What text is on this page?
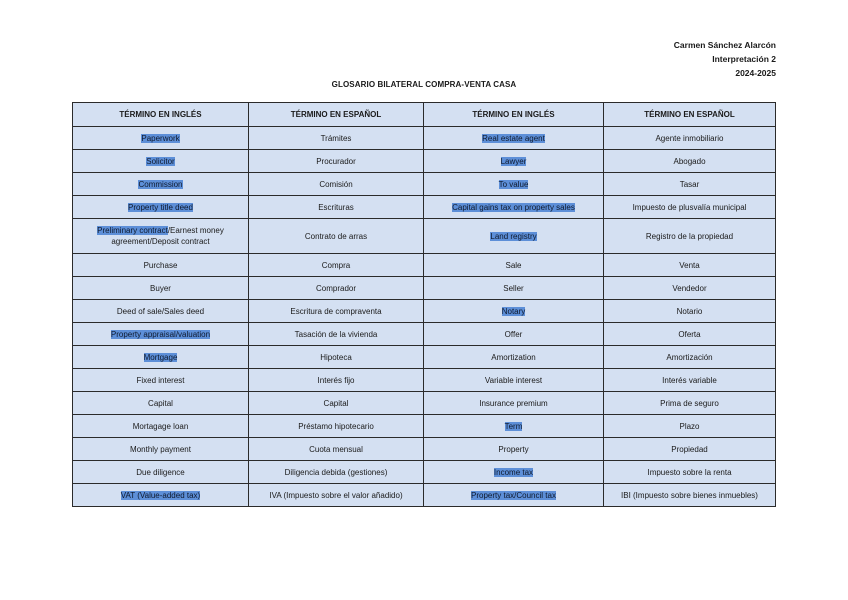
Carmen Sánchez Alarcón
Interpretación 2
2024-2025
GLOSARIO BILATERAL COMPRA-VENTA CASA
TÉRMINO EN INGLÉS	TÉRMINO EN ESPAÑOL	TÉRMINO EN INGLÉS	TÉRMINO EN ESPAÑOL
Paperwork	Trámites	Real estate agent	Agente inmobiliario
Solicitor	Procurador	Lawyer	Abogado
Commission	Comisión	To value	Tasar
Property title deed	Escrituras	Capital gains tax on property sales	Impuesto de plusvalía municipal
Preliminary contract/Earnest money agreement/Deposit contract	Contrato de arras	Land registry	Registro de la propiedad
Purchase	Compra	Sale	Venta
Buyer	Comprador	Seller	Vendedor
Deed of sale/Sales deed	Escritura de compraventa	Notary	Notario
Property appraisal/valuation	Tasación de la vivienda	Offer	Oferta
Mortgage	Hipoteca	Amortization	Amortización
Fixed interest	Interés fijo	Variable interest	Interés variable
Capital	Capital	Insurance premium	Prima de seguro
Mortagage loan	Préstamo hipotecario	Term	Plazo
Monthly payment	Cuota mensual	Property	Propiedad
Due diligence	Diligencia debida (gestiones)	Income tax	Impuesto sobre la renta
VAT (Value-added tax)	IVA (Impuesto sobre el valor añadido)	Property tax/Council tax	IBI (Impuesto sobre bienes inmuebles)
